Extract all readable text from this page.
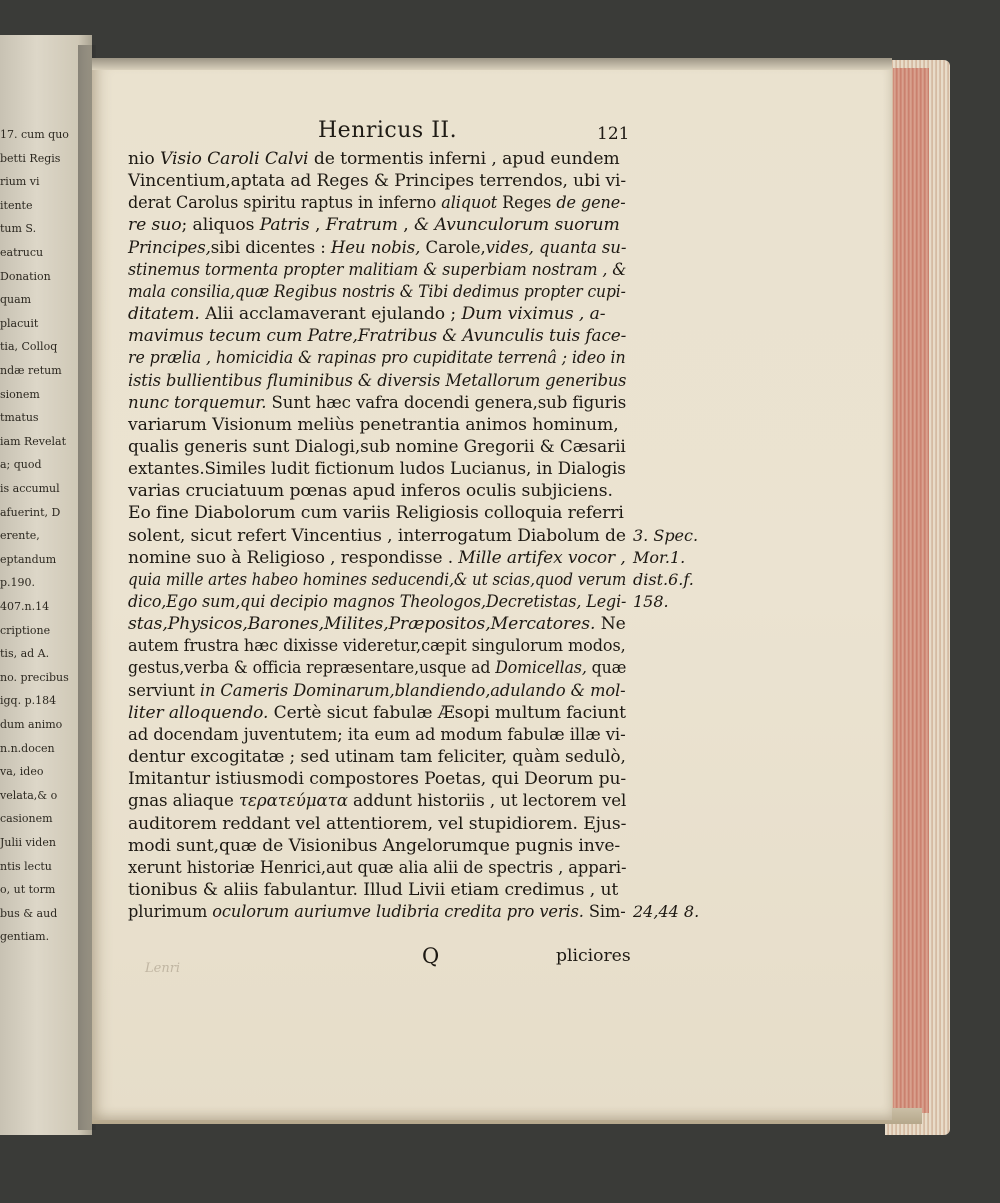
17. cum quo
betti Regis
rium vi
itente
tum S.
eatrucu
Donation
quam
placuit
tia, Colloq
ndæ retum
sionem
tmatus
iam Revelat
a; quod
is accumul
afuerint, D
erente,
eptandum
p.190.
407.n.14
criptione
tis, ad A.
no. precibus
igq. p.184
dum animo
n.n.docen
va, ideo
velata,& o
casionem
Julii viden
ntis lectu
o, ut torm
bus & aud
gentiam.
Henricus II.	121
nio Visio Caroli Calvi de tormentis inferni , apud eundem
Vincentium,aptata ad Reges & Principes terrendos, ubi vi-
derat Carolus spiritu raptus in inferno aliquot Reges de gene-
re suo; aliquos Patris , Fratrum , & Avunculorum suorum
Principes,sibi dicentes : Heu nobis, Carole,vides, quanta su-
stinemus tormenta propter malitiam & superbiam nostram , &
mala consilia,quæ Regibus nostris & Tibi dedimus propter cupi-
ditatem. Alii acclamaverant ejulando ; Dum viximus , a-
mavimus tecum cum Patre,Fratribus & Avunculis tuis face-
re prælia , homicidia & rapinas pro cupiditate terrenâ ; ideo in
istis bullientibus fluminibus & diversis Metallorum generibus
nunc torquemur. Sunt hæc vafra docendi genera,sub figuris
variarum Visionum meliùs penetrantia animos hominum,
qualis generis sunt Dialogi,sub nomine Gregorii & Cæsarii
extantes.Similes ludit fictionum ludos Lucianus, in Dialogis
varias cruciatuum pœnas apud inferos oculis subjiciens.
Eo fine Diabolorum cum variis Religiosis colloquia referri
solent, sicut refert Vincentius , interrogatum Diabolum de
nomine suo à Religioso , respondisse . Mille artifex vocor ,
quia mille artes habeo homines seducendi,& ut scias,quod verum
dico,Ego sum,qui decipio magnos Theologos,Decretistas, Legi-
stas,Physicos,Barones,Milites,Præpositos,Mercatores. Ne
autem frustra hæc dixisse videretur,cæpit singulorum modos,
gestus,verba & officia repræsentare,usque ad Domicellas, quæ
serviunt in Cameris Dominarum,blandiendo,adulando & mol-
liter alloquendo. Certè sicut fabulæ Æsopi multum faciunt
ad docendam juventutem; ita eum ad modum fabulæ illæ vi-
dentur excogitatæ ; sed utinam tam feliciter, quàm sedulò,
Imitantur istiusmodi compostores Poetas, qui Deorum pu-
gnas aliaque τερατεύματα addunt historiis , ut lectorem vel
auditorem reddant vel attentiorem, vel stupidiorem. Ejus-
modi sunt,quæ de Visionibus Angelorumque pugnis inve-
xerunt historiæ Henrici,aut quæ alia alii de spectris , appari-
tionibus & aliis fabulantur. Illud Livii etiam credimus , ut
plurimum oculorum auriumve ludibria credita pro veris. Sim-
3. Spec.
Mor.1.
dist.6.f.
158.
24,44 8.
Q	pliciores
Lenri
